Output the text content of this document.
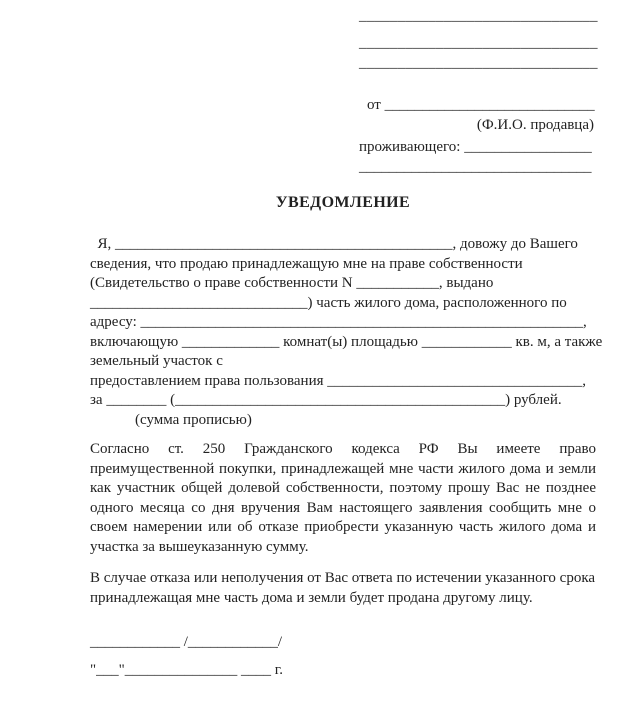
_______________________________
_______________________________
_______________________________
от ____________________________
(Ф.И.О. продавца)
проживающего: _________________
_______________________________
УВЕДОМЛЕНИЕ
Я, _____________________________________________, довожу до Вашего
сведения, что продаю принадлежащую мне на праве собственности
(Свидетельство о праве собственности N ___________, выдано
_____________________________) часть жилого дома, расположенного по
адресу: ___________________________________________________________,
включающую _____________ комнат(ы) площадью ____________ кв. м, а также
земельный участок с
предоставлением права пользования __________________________________,
за ________ (____________________________________________) рублей.
(сумма прописью)
Согласно ст. 250 Гражданского кодекса РФ Вы имеете право преимущественной покупки, принадлежащей мне части жилого дома и земли как участник общей долевой собственности, поэтому прошу Вас не позднее одного месяца со дня вручения Вам настоящего заявления сообщить мне о своем намерении или об отказе приобрести указанную часть жилого дома и участка за вышеуказанную сумму.
В случае отказа или неполучения от Вас ответа по истечении указанного срока принадлежащая мне часть дома и земли будет продана другому лицу.
____________ /____________/
"___"_______________ ____ г.
